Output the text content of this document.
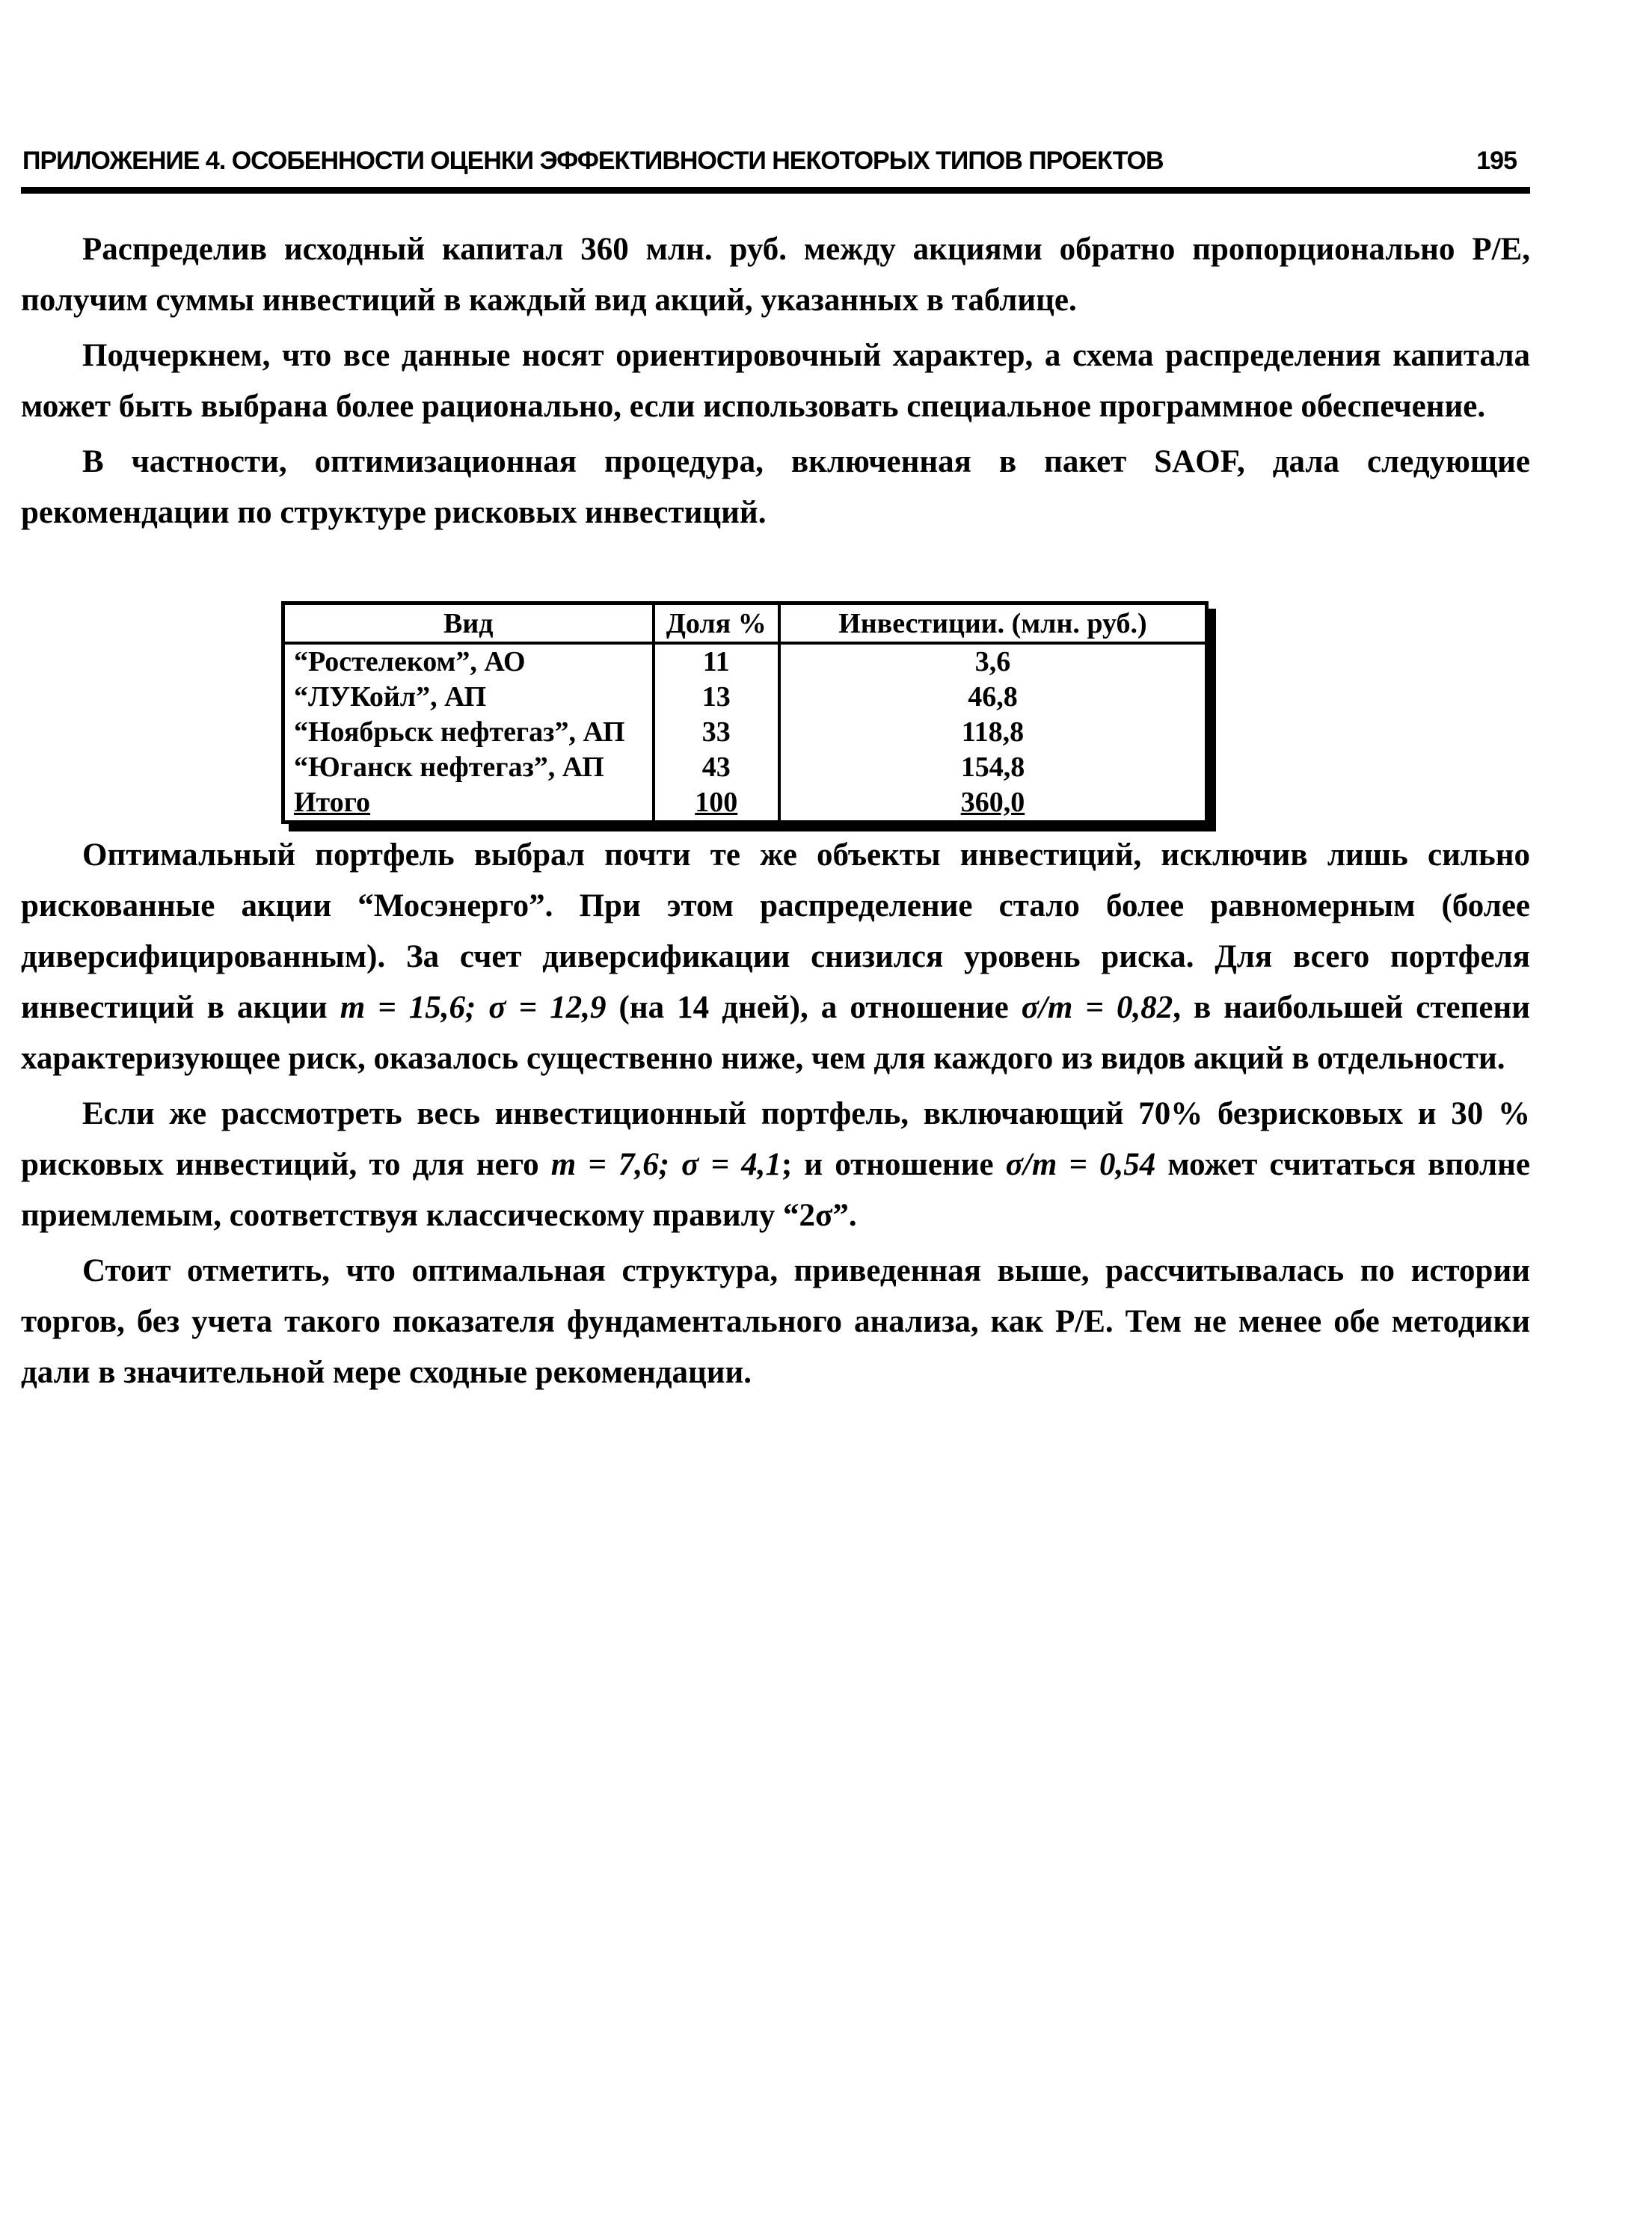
ПРИЛОЖЕНИЕ 4. ОСОБЕННОСТИ ОЦЕНКИ ЭФФЕКТИВНОСТИ НЕКОТОРЫХ ТИПОВ ПРОЕКТОВ	195

Распределив исходный капитал 360 млн. руб. между акциями обратно пропорционально P/E, получим суммы инвестиций в каждый вид акций, указанных в таблице.

Подчеркнем, что все данные носят ориентировочный характер, а схема распределения капитала может быть выбрана более рационально, если использовать специальное программное обеспечение.

В частности, оптимизационная процедура, включенная в пакет SAOF, дала следующие рекомендации по структуре рисковых инвестиций.

Оптимальный портфель выбрал почти те же объекты инвестиций, исключив лишь сильно рискованные акции “Мосэнерго”. При этом распределение стало более равномерным (более диверсифицированным). За счет диверсификации снизился уровень риска. Для всего портфеля инвестиций в акции m = 15,6; σ = 12,9 (на 14 дней), а отношение σ/m = 0,82, в наибольшей степени характеризующее риск, оказалось существенно ниже, чем для каждого из видов акций в отдельности.

Если же рассмотреть весь инвестиционный портфель, включающий 70% безрисковых и 30 % рисковых инвестиций, то для него m = 7,6; σ = 4,1; и отношение σ/m = 0,54 может считаться вполне приемлемым, соответствуя классическому правилу “2σ”.

Стоит отметить, что оптимальная структура, приведенная выше, рассчитывалась по истории торгов, без учета такого показателя фундаментального анализа, как P/E. Тем не менее обе методики дали в значительной мере сходные рекомендации.

Вид	Доля %	Инвестиции. (млн. руб.)
“Ростелеком”, АО	11	3,6
“ЛУКойл”, АП	13	46,8
“Ноябрьск нефтегаз”, АП	33	118,8
“Юганск нефтегаз”, АП	43	154,8
Итого	100	360,0
